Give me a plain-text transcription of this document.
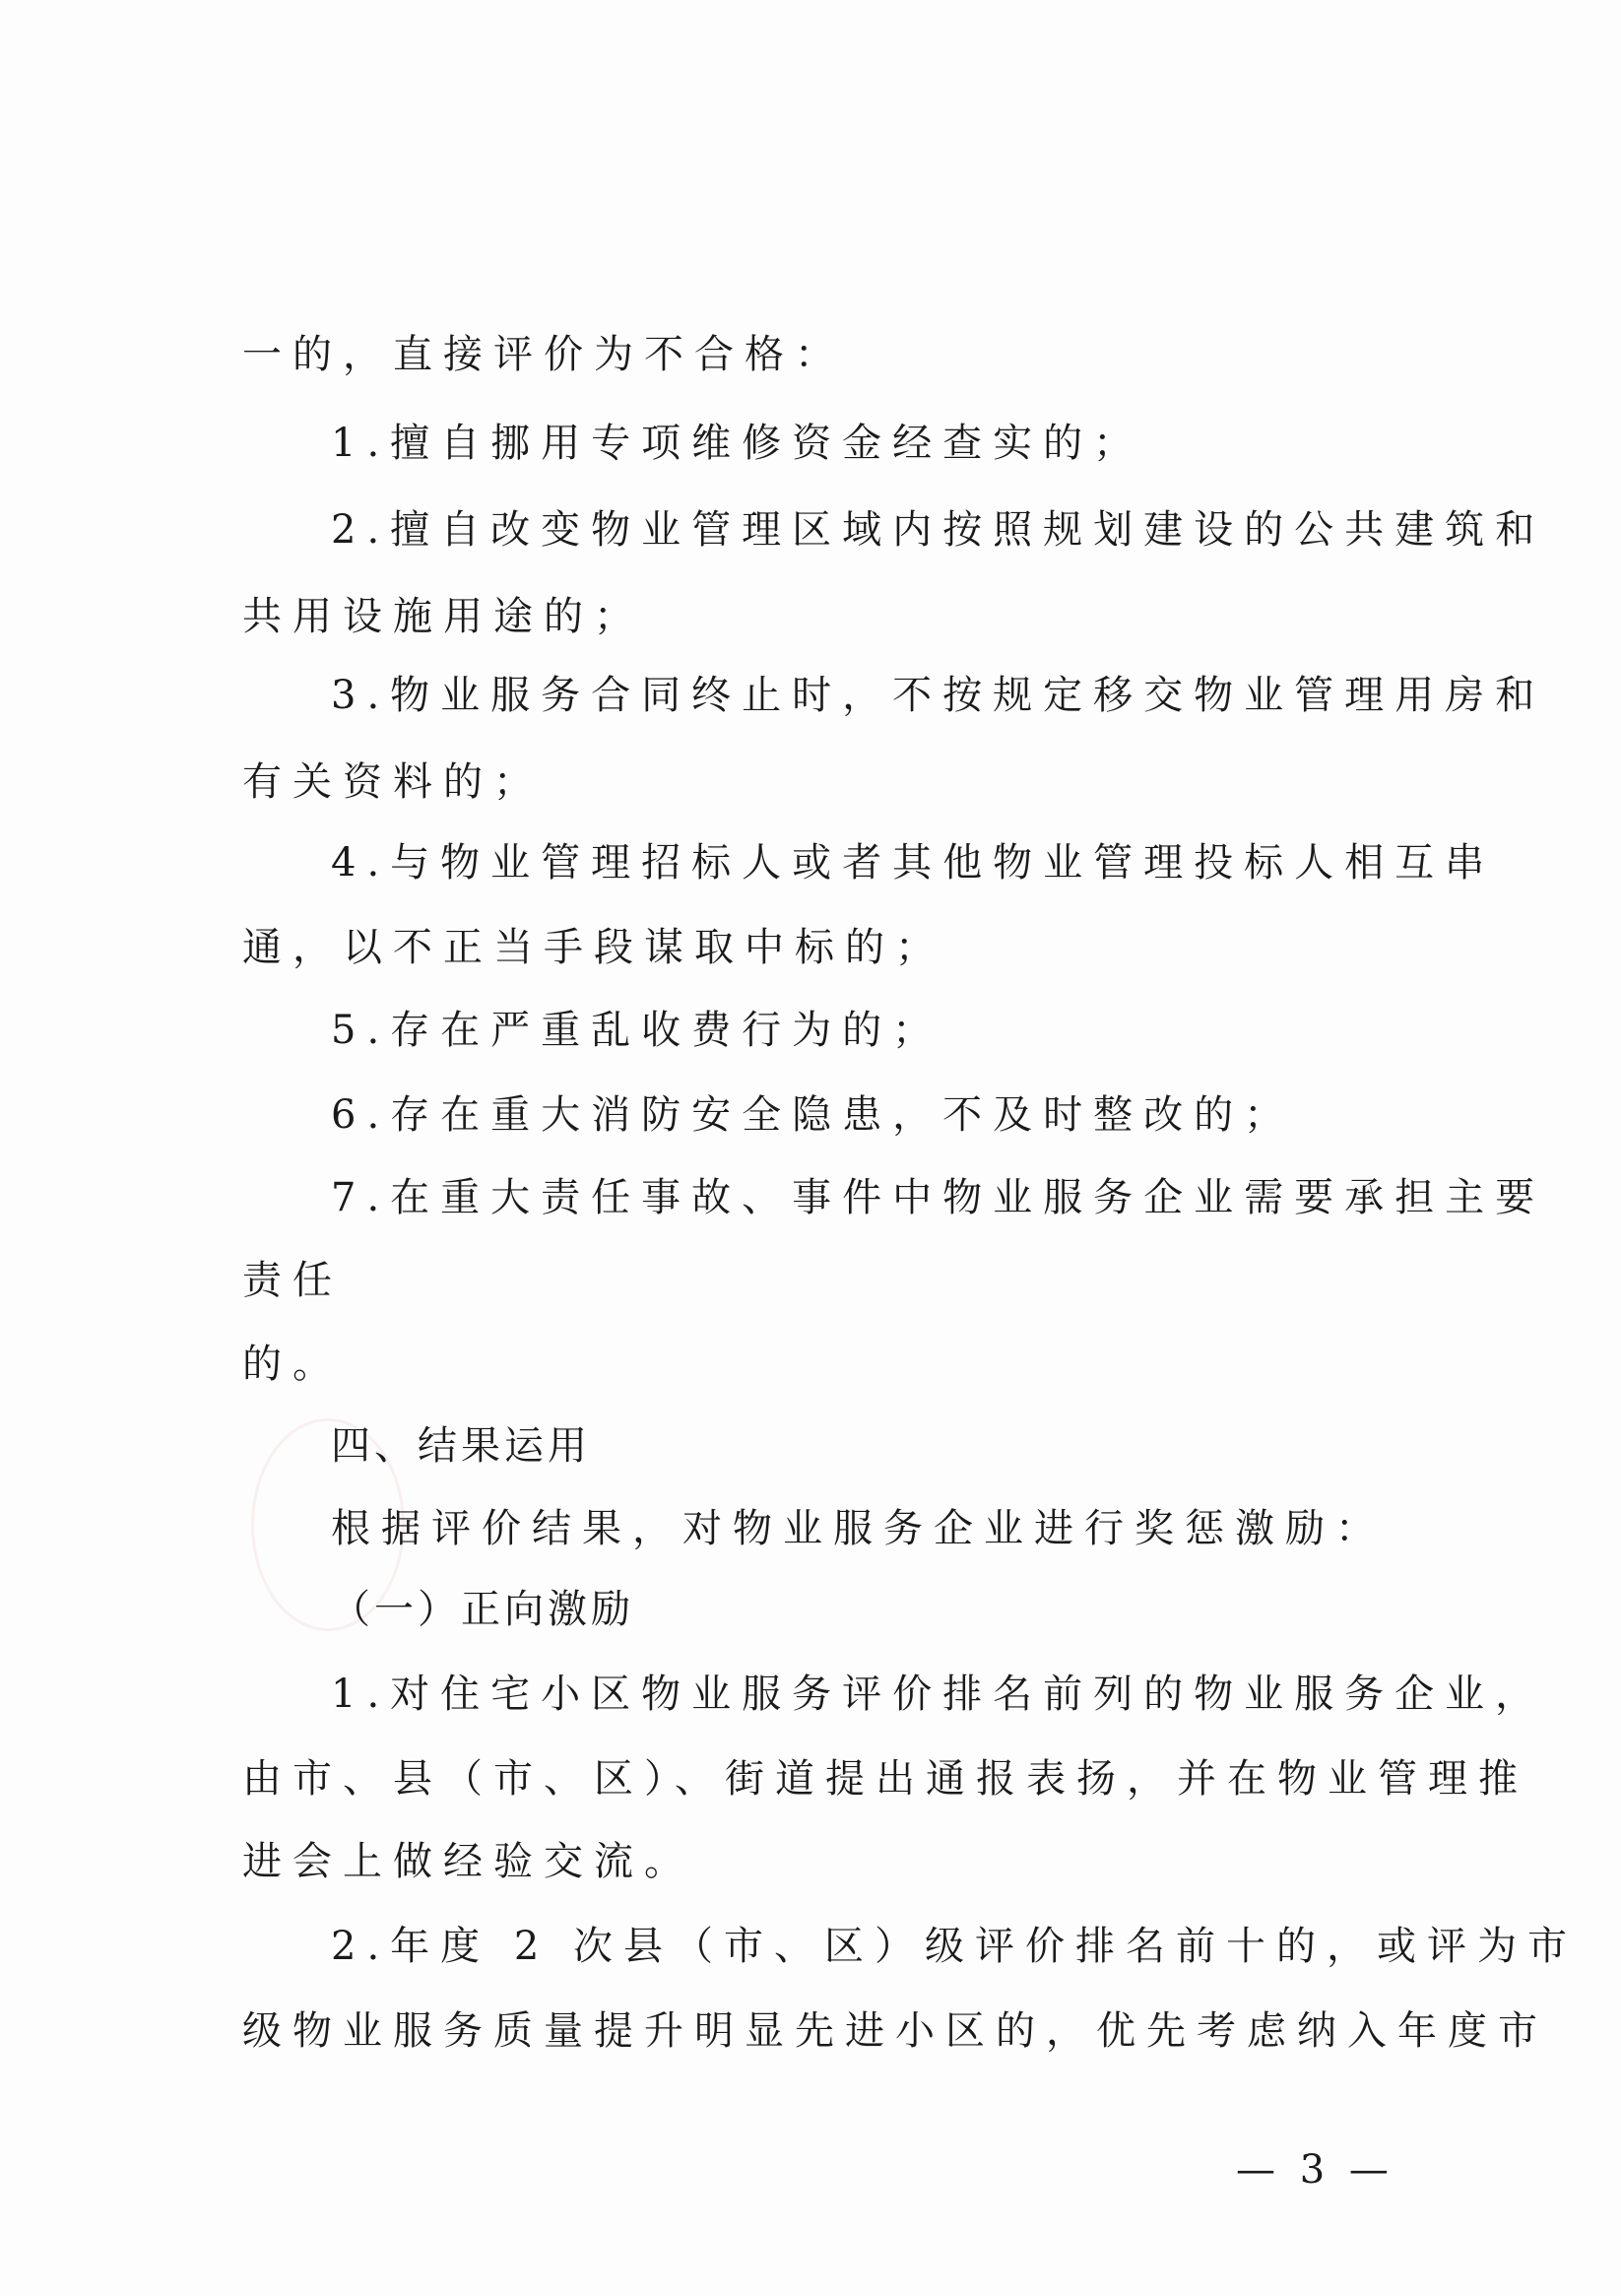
一的，直接评价为不合格：
1.擅自挪用专项维修资金经查实的；
2.擅自改变物业管理区域内按照规划建设的公共建筑和
共用设施用途的；
3.物业服务合同终止时，不按规定移交物业管理用房和
有关资料的；
4.与物业管理招标人或者其他物业管理投标人相互串
通，以不正当手段谋取中标的；
5.存在严重乱收费行为的；
6.存在重大消防安全隐患，不及时整改的；
7.在重大责任事故、事件中物业服务企业需要承担主要
责任
的。
四、结果运用
根据评价结果，对物业服务企业进行奖惩激励：
（一）正向激励
1.对住宅小区物业服务评价排名前列的物业服务企业，
由市、县（市、区）、街道提出通报表扬，并在物业管理推
进会上做经验交流。
2.年度 2 次县（市、区）级评价排名前十的，或评为市
级物业服务质量提升明显先进小区的，优先考虑纳入年度市
— 3 —
